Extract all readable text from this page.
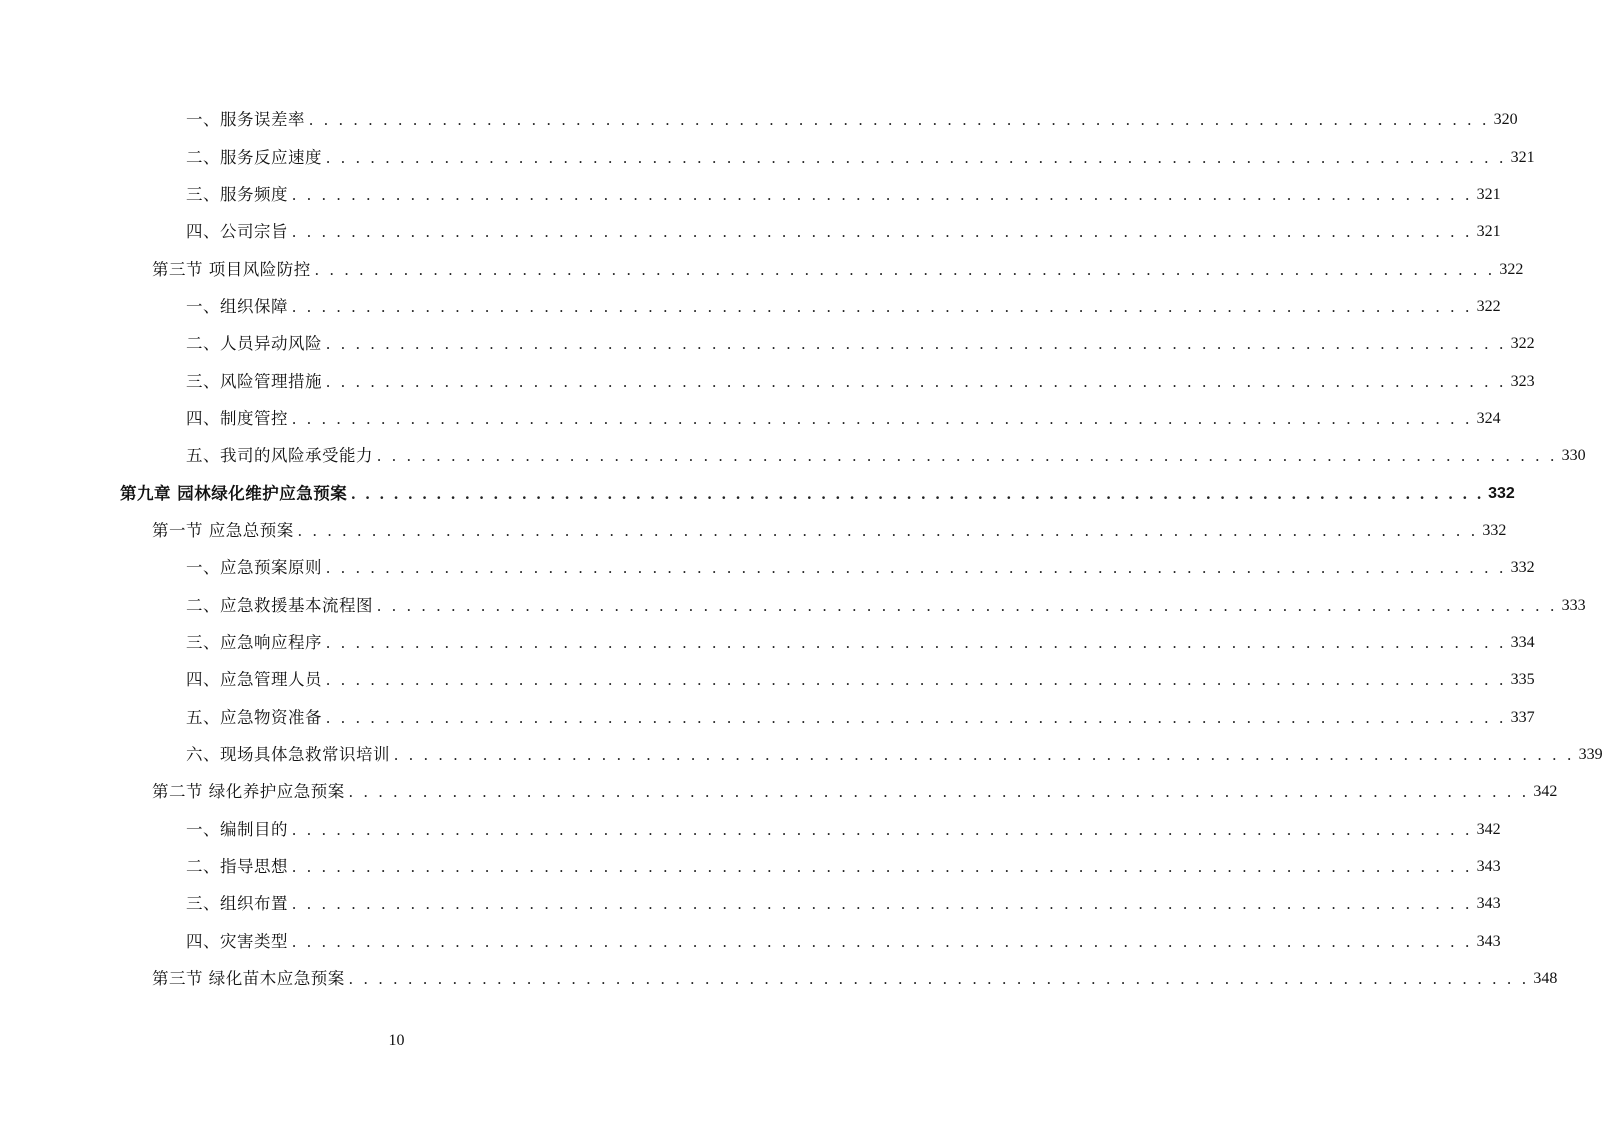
一、服务误差率 . . . . . . . . . . . . . . . . . . . . . . . . . . . . . . . . . . . . . . . . . . . . . . . . . . . . . . . . . . . . . . . . . . . . . . . . . . . . . . . . 320
二、服务反应速度 . . . . . . . . . . . . . . . . . . . . . . . . . . . . . . . . . . . . . . . . . . . . . . . . . . . . . . . . . . . . . . . . . . . . . . . . . . . . . . . . 321
三、服务频度 . . . . . . . . . . . . . . . . . . . . . . . . . . . . . . . . . . . . . . . . . . . . . . . . . . . . . . . . . . . . . . . . . . . . . . . . . . . . . . . . 321
四、公司宗旨 . . . . . . . . . . . . . . . . . . . . . . . . . . . . . . . . . . . . . . . . . . . . . . . . . . . . . . . . . . . . . . . . . . . . . . . . . . . . . . . . 321
第三节 项目风险防控 . . . . . . . . . . . . . . . . . . . . . . . . . . . . . . . . . . . . . . . . . . . . . . . . . . . . . . . . . . . . . . . . . . . . . . . . . . . . . . . . 322
一、组织保障 . . . . . . . . . . . . . . . . . . . . . . . . . . . . . . . . . . . . . . . . . . . . . . . . . . . . . . . . . . . . . . . . . . . . . . . . . . . . . . . . 322
二、人员异动风险 . . . . . . . . . . . . . . . . . . . . . . . . . . . . . . . . . . . . . . . . . . . . . . . . . . . . . . . . . . . . . . . . . . . . . . . . . . . . . . . . 322
三、风险管理措施 . . . . . . . . . . . . . . . . . . . . . . . . . . . . . . . . . . . . . . . . . . . . . . . . . . . . . . . . . . . . . . . . . . . . . . . . . . . . . . . . 323
四、制度管控 . . . . . . . . . . . . . . . . . . . . . . . . . . . . . . . . . . . . . . . . . . . . . . . . . . . . . . . . . . . . . . . . . . . . . . . . . . . . . . . . 324
五、我司的风险承受能力 . . . . . . . . . . . . . . . . . . . . . . . . . . . . . . . . . . . . . . . . . . . . . . . . . . . . . . . . . . . . . . . . . . . . . . . . . . . . . . . . 330
第九章 园林绿化维护应急预案 . . . . . . . . . . . . . . . . . . . . . . . . . . . . . . . . . . . . . . . . . . . . . . . . . . . . . . . . . . . . . . . . . . . . . . . . . . . . . . . . 332
第一节 应急总预案 . . . . . . . . . . . . . . . . . . . . . . . . . . . . . . . . . . . . . . . . . . . . . . . . . . . . . . . . . . . . . . . . . . . . . . . . . . . . . . . . 332
一、应急预案原则 . . . . . . . . . . . . . . . . . . . . . . . . . . . . . . . . . . . . . . . . . . . . . . . . . . . . . . . . . . . . . . . . . . . . . . . . . . . . . . . . 332
二、应急救援基本流程图 . . . . . . . . . . . . . . . . . . . . . . . . . . . . . . . . . . . . . . . . . . . . . . . . . . . . . . . . . . . . . . . . . . . . . . . . . . . . . . . . 333
三、应急响应程序 . . . . . . . . . . . . . . . . . . . . . . . . . . . . . . . . . . . . . . . . . . . . . . . . . . . . . . . . . . . . . . . . . . . . . . . . . . . . . . . . 334
四、应急管理人员 . . . . . . . . . . . . . . . . . . . . . . . . . . . . . . . . . . . . . . . . . . . . . . . . . . . . . . . . . . . . . . . . . . . . . . . . . . . . . . . . 335
五、应急物资准备 . . . . . . . . . . . . . . . . . . . . . . . . . . . . . . . . . . . . . . . . . . . . . . . . . . . . . . . . . . . . . . . . . . . . . . . . . . . . . . . . 337
六、现场具体急救常识培训 . . . . . . . . . . . . . . . . . . . . . . . . . . . . . . . . . . . . . . . . . . . . . . . . . . . . . . . . . . . . . . . . . . . . . . . . . . . . . . . . 339
第二节 绿化养护应急预案 . . . . . . . . . . . . . . . . . . . . . . . . . . . . . . . . . . . . . . . . . . . . . . . . . . . . . . . . . . . . . . . . . . . . . . . . . . . . . . . . 342
一、编制目的 . . . . . . . . . . . . . . . . . . . . . . . . . . . . . . . . . . . . . . . . . . . . . . . . . . . . . . . . . . . . . . . . . . . . . . . . . . . . . . . . 342
二、指导思想 . . . . . . . . . . . . . . . . . . . . . . . . . . . . . . . . . . . . . . . . . . . . . . . . . . . . . . . . . . . . . . . . . . . . . . . . . . . . . . . . 343
三、组织布置 . . . . . . . . . . . . . . . . . . . . . . . . . . . . . . . . . . . . . . . . . . . . . . . . . . . . . . . . . . . . . . . . . . . . . . . . . . . . . . . . 343
四、灾害类型 . . . . . . . . . . . . . . . . . . . . . . . . . . . . . . . . . . . . . . . . . . . . . . . . . . . . . . . . . . . . . . . . . . . . . . . . . . . . . . . . 343
第三节 绿化苗木应急预案 . . . . . . . . . . . . . . . . . . . . . . . . . . . . . . . . . . . . . . . . . . . . . . . . . . . . . . . . . . . . . . . . . . . . . . . . . . . . . . . . 348
10
